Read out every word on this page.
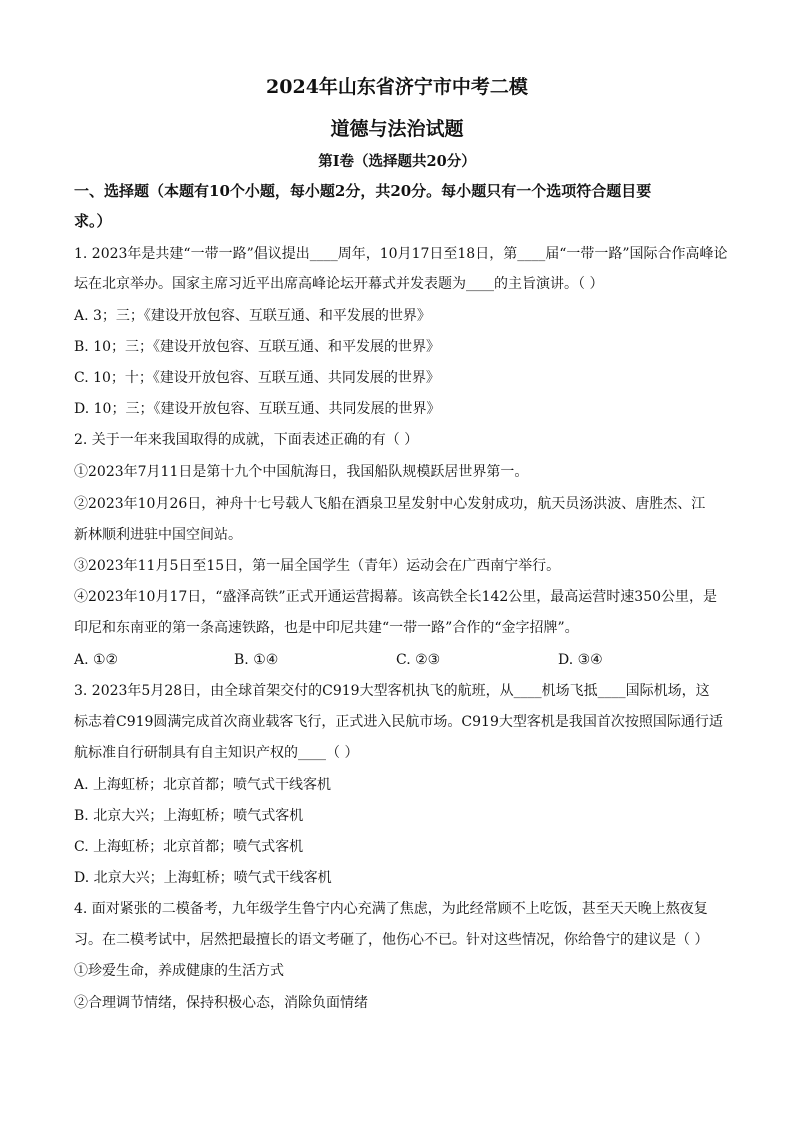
2024年山东省济宁市中考二模
道德与法治试题
第I卷（选择题共20分）
一、选择题（本题有10个小题，每小题2分，共20分。每小题只有一个选项符合题目要
求。）
1. 2023年是共建“一带一路”倡议提出____周年，10月17日至18日，第____届“一带一路”国际合作高峰论
坛在北京举办。国家主席习近平出席高峰论坛开幕式并发表题为____的主旨演讲。（ ）
A. 3；三；《建设开放包容、互联互通、和平发展的世界》
B. 10；三；《建设开放包容、互联互通、和平发展的世界》
C. 10；十；《建设开放包容、互联互通、共同发展的世界》
D. 10；三；《建设开放包容、互联互通、共同发展的世界》
2. 关于一年来我国取得的成就，下面表述正确的有（ ）
①2023年7月11日是第十九个中国航海日，我国船队规模跃居世界第一。
②2023年10月26日，神舟十七号载人飞船在酒泉卫星发射中心发射成功，航天员汤洪波、唐胜杰、江
新林顺利进驻中国空间站。
③2023年11月5日至15日，第一届全国学生（青年）运动会在广西南宁举行。
④2023年10月17日，“盛泽高铁”正式开通运营揭幕。该高铁全长142公里，最高运营时速350公里，是
印尼和东南亚的第一条高速铁路，也是中印尼共建“一带一路”合作的“金字招牌”。
A. ①②	B. ①④	C. ②③	D. ③④
3. 2023年5月28日，由全球首架交付的C919大型客机执飞的航班，从____机场飞抵____国际机场，这
标志着C919圆满完成首次商业载客飞行，正式进入民航市场。C919大型客机是我国首次按照国际通行适
航标准自行研制具有自主知识产权的____（ ）
A. 上海虹桥；北京首都；喷气式干线客机
B. 北京大兴；上海虹桥；喷气式客机
C. 上海虹桥；北京首都；喷气式客机
D. 北京大兴；上海虹桥；喷气式干线客机
4. 面对紧张的二模备考，九年级学生鲁宁内心充满了焦虑，为此经常顾不上吃饭，甚至天天晚上熬夜复
习。在二模考试中，居然把最擅长的语文考砸了，他伤心不已。针对这些情况，你给鲁宁的建议是（ ）
①珍爱生命，养成健康的生活方式
②合理调节情绪，保持积极心态，消除负面情绪
